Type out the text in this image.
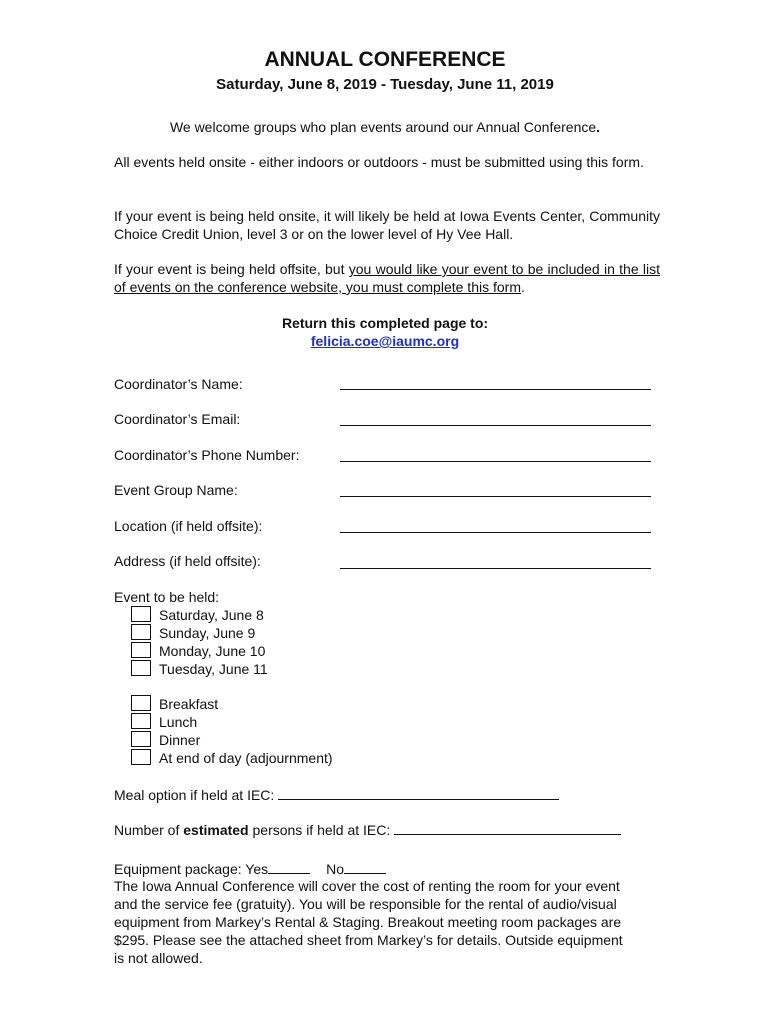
ANNUAL CONFERENCE
Saturday, June 8, 2019 - Tuesday, June 11, 2019
We welcome groups who plan events around our Annual Conference.
All events held onsite - either indoors or outdoors - must be submitted using this form.
If your event is being held onsite, it will likely be held at Iowa Events Center, Community Choice Credit Union, level 3 or on the lower level of Hy Vee Hall.
If your event is being held offsite, but you would like your event to be included in the list of events on the conference website, you must complete this form.
Return this completed page to:
felicia.coe@iaumc.org
Coordinator’s Name:
Coordinator’s Email:
Coordinator’s Phone Number:
Event Group Name:
Location (if held offsite):
Address (if held offsite):
Event to be held:
Saturday, June 8
Sunday, June 9
Monday, June 10
Tuesday, June 11
Breakfast
Lunch
Dinner
At end of day (adjournment)
Meal option if held at IEC:
Number of estimated persons if held at IEC:
Equipment package: Yes	No
The Iowa Annual Conference will cover the cost of renting the room for your event and the service fee (gratuity). You will be responsible for the rental of audio/visual equipment from Markey’s Rental & Staging. Breakout meeting room packages are $295. Please see the attached sheet from Markey’s for details. Outside equipment is not allowed.
